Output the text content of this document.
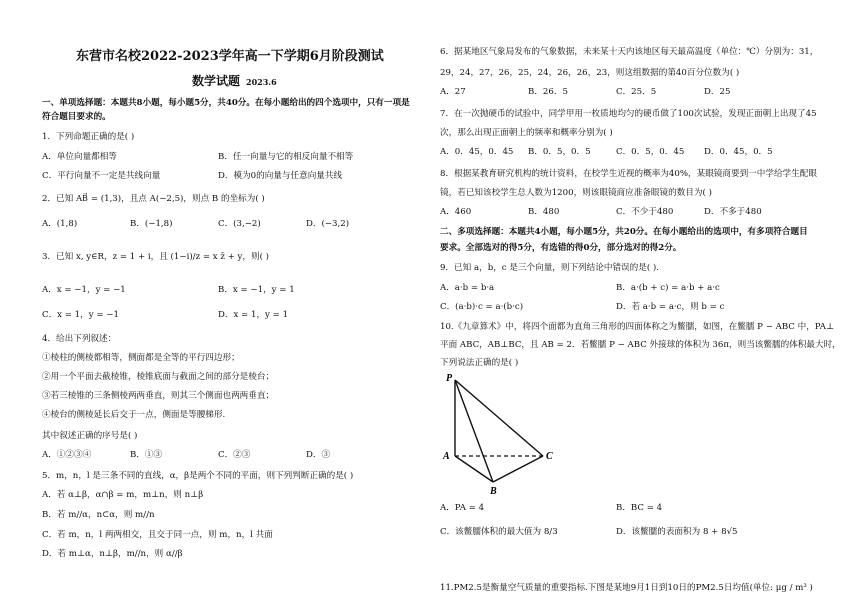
东营市名校2022-2023学年高一下学期6月阶段测试
数学试题 2023.6
一、单项选择题：本题共8小题，每小题5分，共40分。在每小题给出的四个选项中，只有一项是
符合题目要求的。
1．下列命题正确的是( )
A．单位向量都相等	B．任一向量与它的相反向量不相等
C．平行向量不一定是共线向量	D．模为0的向量与任意向量共线
2．已知 AB⃗ = (1,3)，且点 A(−2,5)，则点 B 的坐标为( )
A．(1,8)	B．(−1,8)	C．(3,−2)	D．(−3,2)
3．已知 x, y∈R，z = 1 + i，且 (1−i)/z = x z̄ + y，则( )
A．x = −1，y = −1	B．x = −1，y = 1
C．x = 1，y = −1	D．x = 1，y = 1
4．给出下列叙述：
①棱柱的侧棱都相等，侧面都是全等的平行四边形；
②用一个平面去截棱锥，棱锥底面与截面之间的部分是棱台；
③若三棱锥的三条侧棱两两垂直，则其三个侧面也两两垂直；
④棱台的侧棱延长后交于一点，侧面是等腰梯形.
其中叙述正确的序号是( )
A．①②③④	B．①③	C．②③	D．③
5．m，n，l 是三条不同的直线，α，β是两个不同的平面，则下列判断正确的是( )
A．若 α⊥β，α∩β = m，m⊥n，则 n⊥β
B．若 m//α，n⊂α，则 m//n
C．若 m，n，l 两两相交，且交于同一点，则 m，n，l 共面
D．若 m⊥α，n⊥β，m//n，则 α//β
6．据某地区气象局发布的气象数据，未来某十天内该地区每天最高温度（单位：℃）分别为：31，
29，24，27，26，25，24，26，26，23，则这组数据的第40百分位数为( )
A．27	B．26．5	C．25．5	D．25
7．在一次抛硬币的试验中，同学甲用一枚质地均匀的硬币做了100次试验，发现正面朝上出现了45
次，那么出现正面朝上的频率和概率分别为( )
A．0．45，0．45 B．0．5，0．5	C．0．5，0．45 D．0．45，0．5
8．根据某教育研究机构的统计资料，在校学生近视的概率为40%，某眼镜商要到一中学给学生配眼
镜，若已知该校学生总人数为1200，则该眼镜商应准备眼镜的数目为( )
A．460	B．480	C．不少于480	D．不多于480
二、多项选择题：本题共4小题，每小题5分，共20分。在每小题给出的选项中，有多项符合题目
要求。全部选对的得5分，有选错的得0分，部分选对的得2分。
9．已知 a，b，c 是三个向量，则下列结论中错误的是( ).
A．a·b = b·a	B．a·(b + c) = a·b + a·c
C．(a·b)·c = a·(b·c)	D．若 a·b = a·c，则 b = c
10.《九章算术》中，将四个面都为直角三角形的四面体称之为鳖臑，如图，在鳖臑 P − ABC 中，PA⊥
平面 ABC，AB⊥BC，且 AB = 2．若鳖臑 P − ABC 外接球的体积为 36π，则当该鳖臑的体积最大时，
下列说法正确的是( )
A．PA = 4	B．BC = 4
C．该鳖臑体积的最大值为 8/3	D．该鳖臑的表面积为 8 + 8√5
11.PM2.5是衡量空气质量的重要指标.下图是某地9月1日到10日的PM2.5日均值(单位: μg / m³ )
P
A
B
C
